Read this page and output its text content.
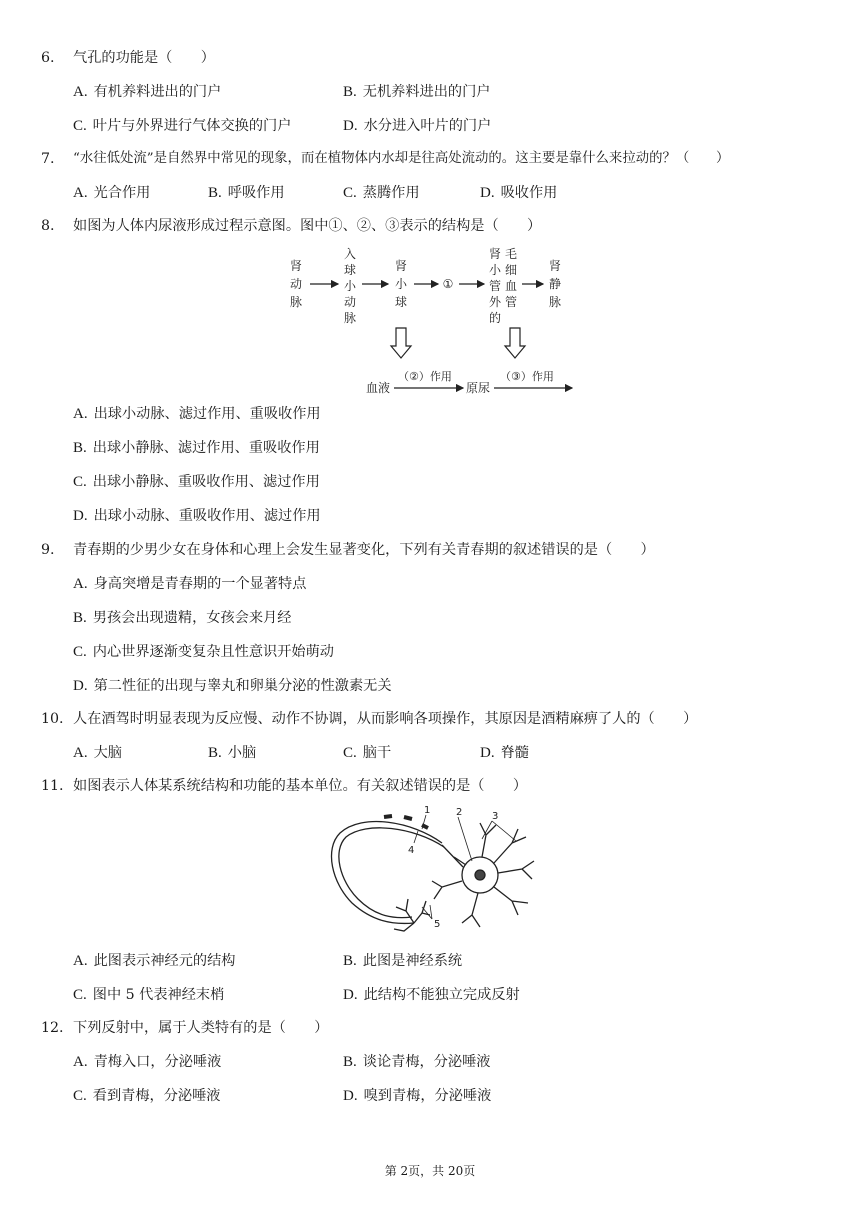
6. 气孔的功能是（　　）
A. 有机养料进出的门户	B. 无机养料进出的门户
C. 叶片与外界进行气体交换的门户	D. 水分进入叶片的门户
7. “水往低处流”是自然界中常见的现象，而在植物体内水却是往高处流动的。这主要是靠什么来拉动的？（　　）
A. 光合作用	B. 呼吸作用	C. 蒸腾作用	D. 吸收作用
8. 如图为人体内尿液形成过程示意图。图中①、②、③表示的结构是（　　）
肾
动
脉
入
球
小
动
脉
肾
小
球
①
肾
小
管
外
的
毛
细
血
管
肾
静
脉
血液
（②）作用
原尿
（③）作用
A. 出球小动脉、滤过作用、重吸收作用
B. 出球小静脉、滤过作用、重吸收作用
C. 出球小静脉、重吸收作用、滤过作用
D. 出球小动脉、重吸收作用、滤过作用
9. 青春期的少男少女在身体和心理上会发生显著变化，下列有关青春期的叙述错误的是（　　）
A. 身高突增是青春期的一个显著特点
B. 男孩会出现遗精，女孩会来月经
C. 内心世界逐渐变复杂且性意识开始萌动
D. 第二性征的出现与睾丸和卵巢分泌的性激素无关
10. 人在酒驾时明显表现为反应慢、动作不协调，从而影响各项操作，其原因是酒精麻痹了人的（　　）
A. 大脑	B. 小脑	C. 脑干	D. 脊髓
11. 如图表示人体某系统结构和功能的基本单位。有关叙述错误的是（　　）
1	2	3
4
5
A. 此图表示神经元的结构	B. 此图是神经系统
C. 图中 5 代表神经末梢	D. 此结构不能独立完成反射
12. 下列反射中，属于人类特有的是（　　）
A. 青梅入口，分泌唾液	B. 谈论青梅，分泌唾液
C. 看到青梅，分泌唾液	D. 嗅到青梅，分泌唾液
第 2页，共 20页
